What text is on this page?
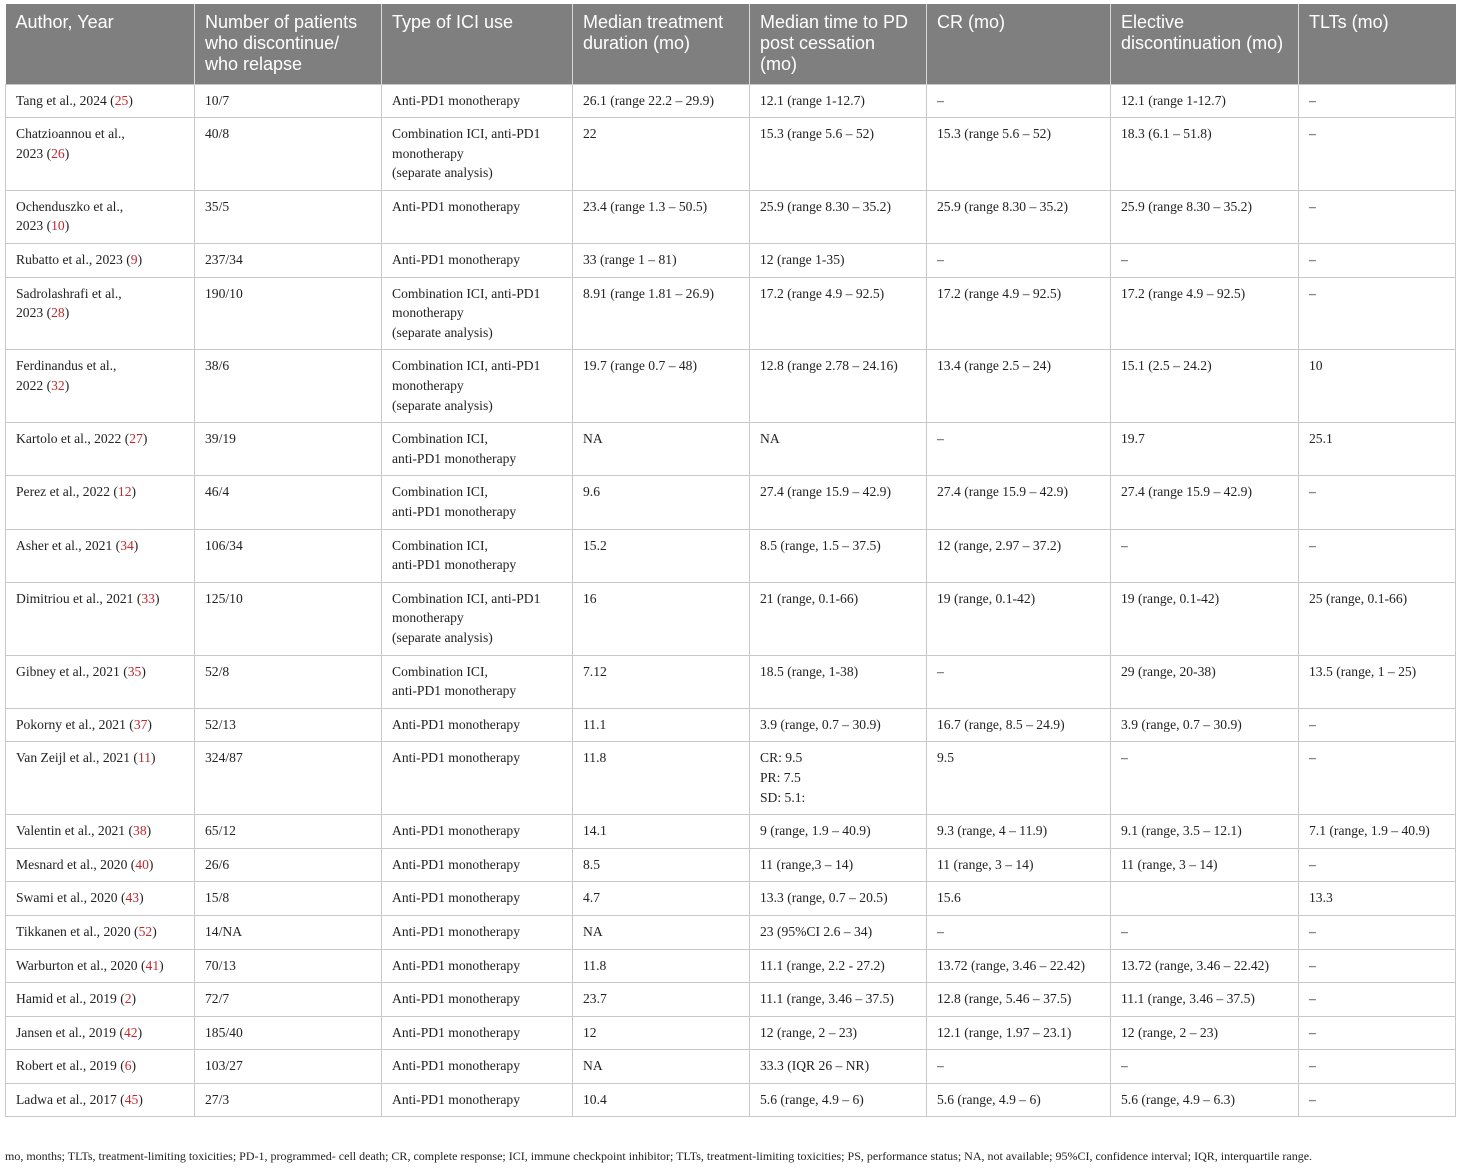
Author, Year	Number of patients who discontinue/ who relapse	Type of ICI use	Median treatment duration (mo)	Median time to PD post cessation (mo)	CR (mo)	Elective discontinuation (mo)	TLTs (mo)
Tang et al., 2024 (25)	10/7	Anti-PD1 monotherapy	26.1 (range 22.2 – 29.9)	12.1 (range 1-12.7)	–	12.1 (range 1-12.7)	–
Chatzioannou et al.,
2023 (26)	40/8	Combination ICI, anti-PD1
monotherapy
(separate analysis)	22	15.3 (range 5.6 – 52)	15.3 (range 5.6 – 52)	18.3 (6.1 – 51.8)	–
Ochenduszko et al.,
2023 (10)	35/5	Anti-PD1 monotherapy	23.4 (range 1.3 – 50.5)	25.9 (range 8.30 – 35.2)	25.9 (range 8.30 – 35.2)	25.9 (range 8.30 – 35.2)	–
Rubatto et al., 2023 (9)	237/34	Anti-PD1 monotherapy	33 (range 1 – 81)	12 (range 1-35)	–	–	–
Sadrolashrafi et al.,
2023 (28)	190/10	Combination ICI, anti-PD1
monotherapy
(separate analysis)	8.91 (range 1.81 – 26.9)	17.2 (range 4.9 – 92.5)	17.2 (range 4.9 – 92.5)	17.2 (range 4.9 – 92.5)	–
Ferdinandus et al.,
2022 (32)	38/6	Combination ICI, anti-PD1
monotherapy
(separate analysis)	19.7 (range 0.7 – 48)	12.8 (range 2.78 – 24.16)	13.4 (range 2.5 – 24)	15.1 (2.5 – 24.2)	10
Kartolo et al., 2022 (27)	39/19	Combination ICI,
anti-PD1 monotherapy	NA	NA	–	19.7	25.1
Perez et al., 2022 (12)	46/4	Combination ICI,
anti-PD1 monotherapy	9.6	27.4 (range 15.9 – 42.9)	27.4 (range 15.9 – 42.9)	27.4 (range 15.9 – 42.9)	–
Asher et al., 2021 (34)	106/34	Combination ICI,
anti-PD1 monotherapy	15.2	8.5 (range, 1.5 – 37.5)	12 (range, 2.97 – 37.2)	–	–
Dimitriou et al., 2021 (33)	125/10	Combination ICI, anti-PD1
monotherapy
(separate analysis)	16	21 (range, 0.1-66)	19 (range, 0.1-42)	19 (range, 0.1-42)	25 (range, 0.1-66)
Gibney et al., 2021 (35)	52/8	Combination ICI,
anti-PD1 monotherapy	7.12	18.5 (range, 1-38)	–	29 (range, 20-38)	13.5 (range, 1 – 25)
Pokorny et al., 2021 (37)	52/13	Anti-PD1 monotherapy	11.1	3.9 (range, 0.7 – 30.9)	16.7 (range, 8.5 – 24.9)	3.9 (range, 0.7 – 30.9)	–
Van Zeijl et al., 2021 (11)	324/87	Anti-PD1 monotherapy	11.8	CR: 9.5
PR: 7.5
SD: 5.1:	9.5	–	–
Valentin et al., 2021 (38)	65/12	Anti-PD1 monotherapy	14.1	9 (range, 1.9 – 40.9)	9.3 (range, 4 – 11.9)	9.1 (range, 3.5 – 12.1)	7.1 (range, 1.9 – 40.9)
Mesnard et al., 2020 (40)	26/6	Anti-PD1 monotherapy	8.5	11 (range,3 – 14)	11 (range, 3 – 14)	11 (range, 3 – 14)	–
Swami et al., 2020 (43)	15/8	Anti-PD1 monotherapy	4.7	13.3 (range, 0.7 – 20.5)	15.6		13.3
Tikkanen et al., 2020 (52)	14/NA	Anti-PD1 monotherapy	NA	23 (95%CI 2.6 – 34)	–	–	–
Warburton et al., 2020 (41)	70/13	Anti-PD1 monotherapy	11.8	11.1 (range, 2.2 - 27.2)	13.72 (range, 3.46 – 22.42)	13.72 (range, 3.46 – 22.42)	–
Hamid et al., 2019 (2)	72/7	Anti-PD1 monotherapy	23.7	11.1 (range, 3.46 – 37.5)	12.8 (range, 5.46 – 37.5)	11.1 (range, 3.46 – 37.5)	–
Jansen et al., 2019 (42)	185/40	Anti-PD1 monotherapy	12	12 (range, 2 – 23)	12.1 (range, 1.97 – 23.1)	12 (range, 2 – 23)	–
Robert et al., 2019 (6)	103/27	Anti-PD1 monotherapy	NA	33.3 (IQR 26 – NR)	–	–	–
Ladwa et al., 2017 (45)	27/3	Anti-PD1 monotherapy	10.4	5.6 (range, 4.9 – 6)	5.6 (range, 4.9 – 6)	5.6 (range, 4.9 – 6.3)	–
mo, months; TLTs, treatment-limiting toxicities; PD-1, programmed- cell death; CR, complete response; ICI, immune checkpoint inhibitor; TLTs, treatment-limiting toxicities; PS, performance status; NA, not available; 95%CI, confidence interval; IQR, interquartile range.
